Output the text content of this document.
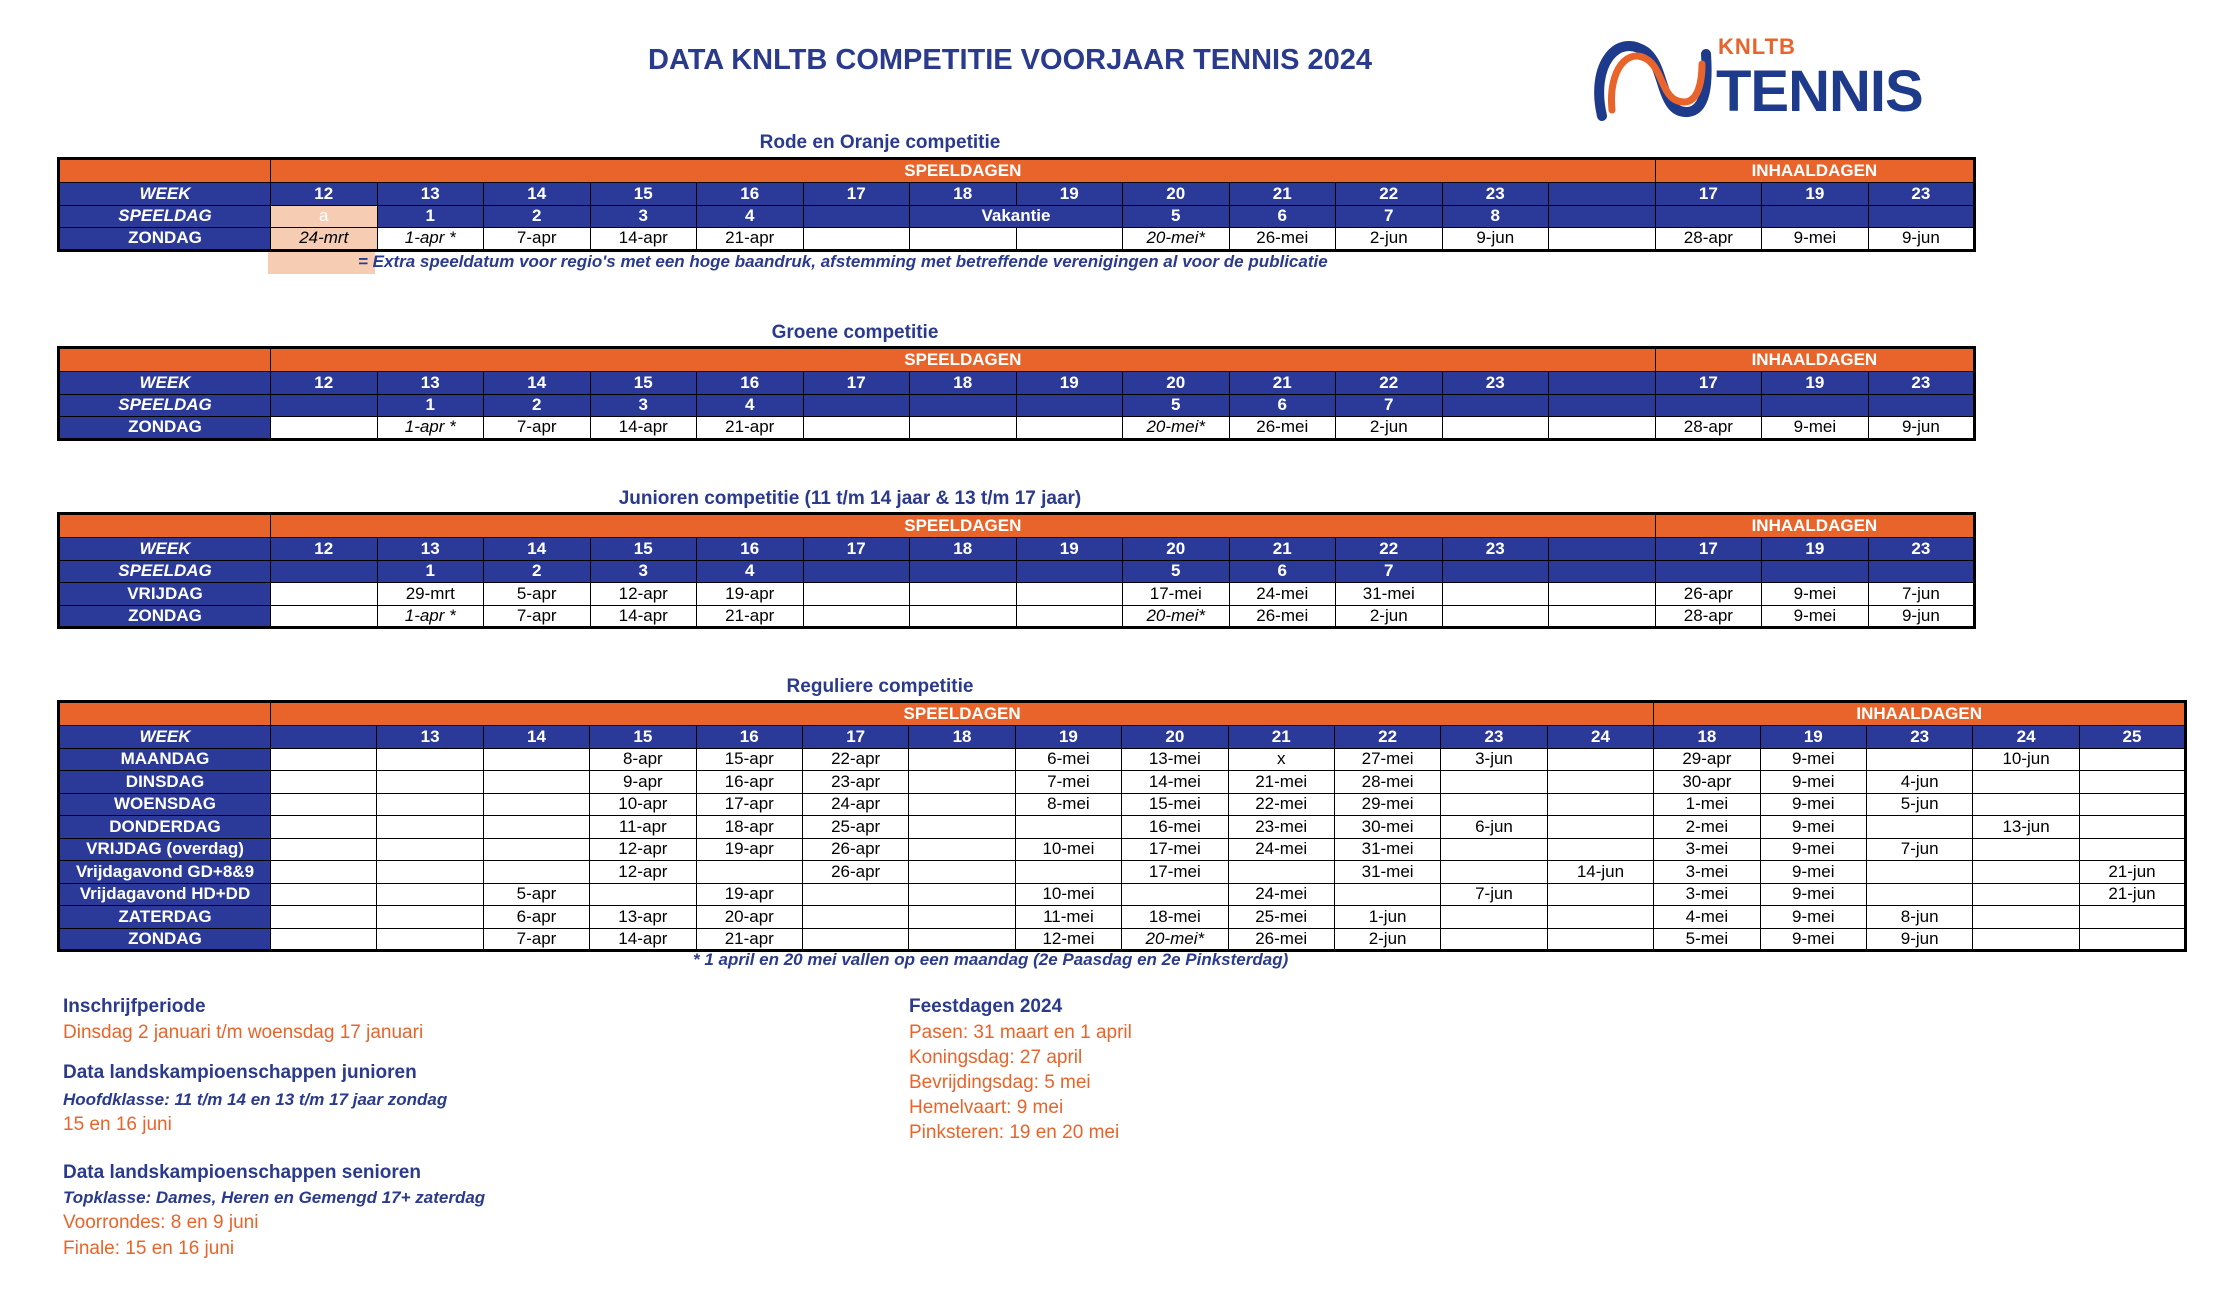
DATA KNLTB COMPETITIE VOORJAAR TENNIS 2024	KNLTB
TENNIS
Rode en Oranje competitie
Groene competitie
Junioren competitie (11 t/m 14 jaar & 13 t/m 17 jaar)
Reguliere competitie
	SPEELDAGEN													INHAALDAGEN		
WEEK	12	13	14	15	16	17	18	19	20	21	22	23		17	19	23
SPEELDAG	a	1	2	3	4		Vakantie		5	6	7	8				
ZONDAG	24-mrt	1-apr *	7-apr	14-apr	21-apr				20-mei*	26-mei	2-jun	9-jun		28-apr	9-mei	9-jun
	SPEELDAGEN													INHAALDAGEN		
WEEK	12	13	14	15	16	17	18	19	20	21	22	23		17	19	23
SPEELDAG		1	2	3	4				5	6	7					
ZONDAG		1-apr *	7-apr	14-apr	21-apr				20-mei*	26-mei	2-jun			28-apr	9-mei	9-jun
	SPEELDAGEN													INHAALDAGEN		
WEEK	12	13	14	15	16	17	18	19	20	21	22	23		17	19	23
SPEELDAG		1	2	3	4				5	6	7					
VRIJDAG		29-mrt	5-apr	12-apr	19-apr				17-mei	24-mei	31-mei			26-apr	9-mei	7-jun
ZONDAG		1-apr *	7-apr	14-apr	21-apr				20-mei*	26-mei	2-jun			28-apr	9-mei	9-jun
	SPEELDAGEN													INHAALDAGEN				
WEEK		13	14	15	16	17	18	19	20	21	22	23	24	18	19	23	24	25
MAANDAG				8-apr	15-apr	22-apr		6-mei	13-mei	x	27-mei	3-jun		29-apr	9-mei		10-jun	
DINSDAG				9-apr	16-apr	23-apr		7-mei	14-mei	21-mei	28-mei			30-apr	9-mei	4-jun		
WOENSDAG				10-apr	17-apr	24-apr		8-mei	15-mei	22-mei	29-mei			1-mei	9-mei	5-jun		
DONDERDAG				11-apr	18-apr	25-apr			16-mei	23-mei	30-mei	6-jun		2-mei	9-mei		13-jun	
VRIJDAG (overdag)				12-apr	19-apr	26-apr		10-mei	17-mei	24-mei	31-mei			3-mei	9-mei	7-jun		
Vrijdagavond GD+8&9				12-apr		26-apr			17-mei		31-mei		14-jun	3-mei	9-mei			21-jun
Vrijdagavond HD+DD			5-apr		19-apr			10-mei		24-mei		7-jun		3-mei	9-mei			21-jun
ZATERDAG			6-apr	13-apr	20-apr			11-mei	18-mei	25-mei	1-jun			4-mei	9-mei	8-jun		
ZONDAG			7-apr	14-apr	21-apr			12-mei	20-mei*	26-mei	2-jun			5-mei	9-mei	9-jun		
= Extra speeldatum voor regio's met een hoge baandruk, afstemming met betreffende verenigingen al voor de publicatie
* 1 april en 20 mei vallen op een maandag (2e Paasdag en 2e Pinksterdag)
Inschrijfperiode
Dinsdag 2 januari t/m woensdag 17 januari
Data landskampioenschappen junioren
Hoofdklasse: 11 t/m 14 en 13 t/m 17 jaar zondag
15 en 16 juni
Data landskampioenschappen senioren
Topklasse: Dames, Heren en Gemengd 17+ zaterdag
Voorrondes: 8 en 9 juni
Finale: 15 en 16 juni
Feestdagen 2024
Pasen: 31 maart en 1 april
Koningsdag: 27 april
Bevrijdingsdag: 5 mei
Hemelvaart: 9 mei
Pinksteren: 19 en 20 mei
